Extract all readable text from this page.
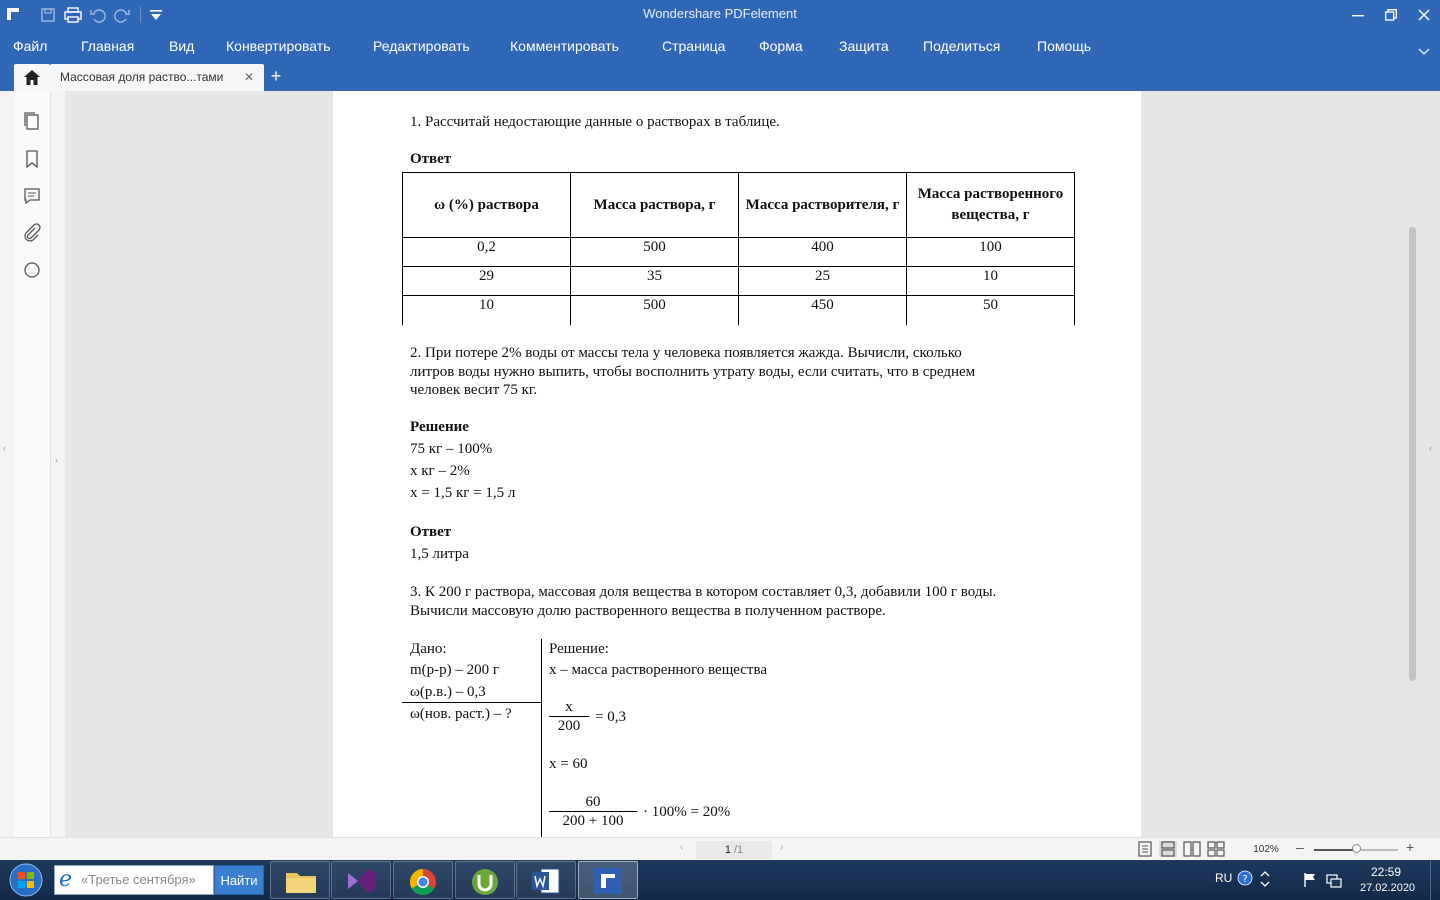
Wondershare PDFelement
Файл Главная Вид Конвертировать	Редактировать	Комментировать	Страница Форма	Защита Поделиться	Помощь
Массовая доля раство...тами ✕ +
‹
›
1. Рассчитай недостающие данные о растворах в таблице.
Ответ
ω (%) раствора	Масса раствора, г	Масса растворителя, г	Масса растворенного вещества, г
0,2	500	400	100
29	35	25	10
10	500	450	50
2. При потере 2% воды от массы тела у человека появляется жажда. Вычисли, сколько
литров воды нужно выпить, чтобы восполнить утрату воды, если считать, что в среднем
человек весит 75 кг.
Решение
75 кг – 100%
х кг – 2%
х = 1,5 кг = 1,5 л
Ответ
1,5 литра
3. К 200 г раствора, массовая доля вещества в котором составляет 0,3, добавили 100 г воды.
Вычисли массовую долю растворенного вещества в полученном растворе.
Дано:
m(р-р) – 200 г
ω(р.в.) – 0,3
ω(нов. раст.) – ?
Решение:
х – масса растворенного вещества
х
200
= 0,3
х = 60
60
200 + 100
· 100% = 20%
‹
‹	1 /1	›	102%	–	+
e «Третье сентября»	Найти	RU ?
22:59
27.02.2020
